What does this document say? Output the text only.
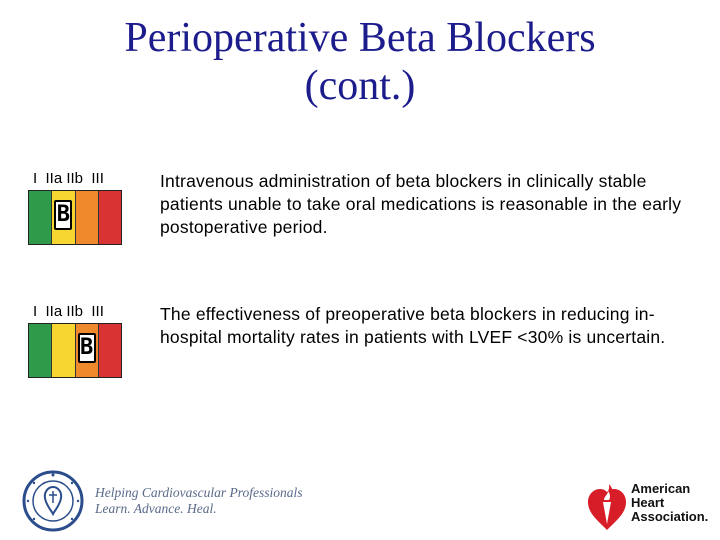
Perioperative Beta Blockers
(cont.)
I  IIa IIb  III
B
Intravenous administration of beta blockers in clinically stable patients unable to take oral medications is reasonable in the early postoperative period.
I  IIa IIb  III
B
The effectiveness of preoperative beta blockers in reducing in-hospital mortality rates in patients with LVEF <30% is uncertain.
Helping Cardiovascular Professionals
Learn. Advance. Heal.
American
Heart
Association.
